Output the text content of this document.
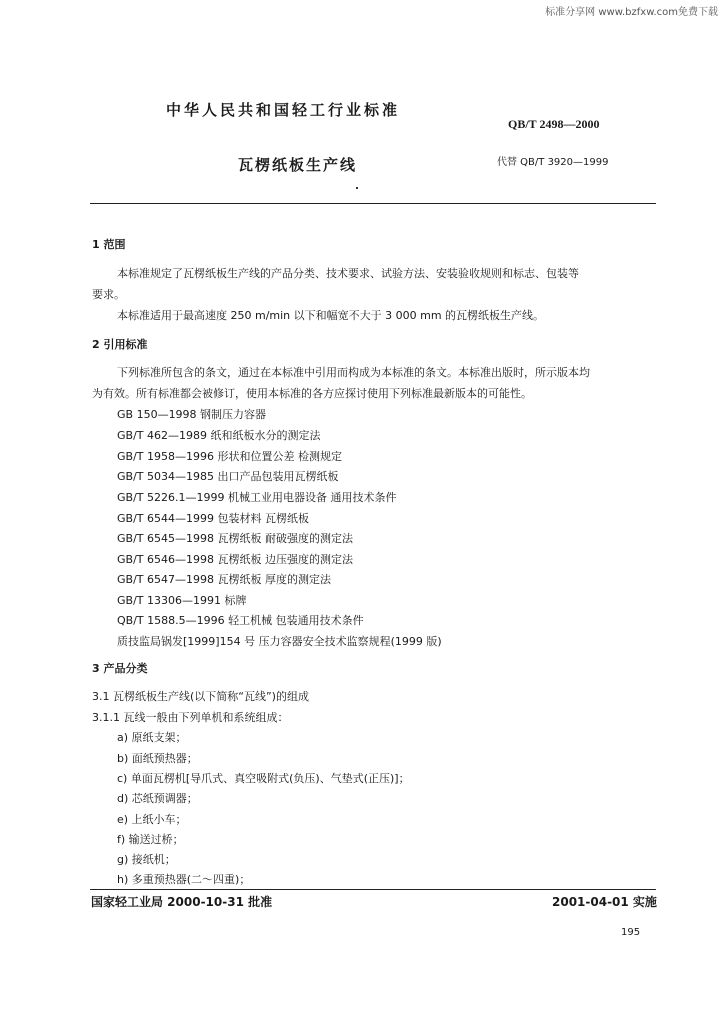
标准分享网 www.bzfxw.com免费下载
中华人民共和国轻工行业标准
QB/T 2498—2000
瓦楞纸板生产线	代替 QB/T 3920—1999
1 范围
本标准规定了瓦楞纸板生产线的产品分类、技术要求、试验方法、安装验收规则和标志、包装等
要求。
本标准适用于最高速度 250 m/min 以下和幅宽不大于 3 000 mm 的瓦楞纸板生产线。
2 引用标准
下列标准所包含的条文，通过在本标准中引用而构成为本标准的条文。本标准出版时，所示版本均
为有效。所有标准都会被修订，使用本标准的各方应探讨使用下列标准最新版本的可能性。
GB 150—1998 钢制压力容器
GB/T 462—1989 纸和纸板水分的测定法
GB/T 1958—1996 形状和位置公差 检测规定
GB/T 5034—1985 出口产品包装用瓦楞纸板
GB/T 5226.1—1999 机械工业用电器设备 通用技术条件
GB/T 6544—1999 包装材料 瓦楞纸板
GB/T 6545—1998 瓦楞纸板 耐破强度的测定法
GB/T 6546—1998 瓦楞纸板 边压强度的测定法
GB/T 6547—1998 瓦楞纸板 厚度的测定法
GB/T 13306—1991 标牌
QB/T 1588.5—1996 轻工机械 包装通用技术条件
质技监局锅发[1999]154 号 压力容器安全技术监察规程(1999 版)
3 产品分类
3.1 瓦楞纸板生产线(以下简称“瓦线”)的组成
3.1.1 瓦线一般由下列单机和系统组成：
a) 原纸支架；
b) 面纸预热器；
c) 单面瓦楞机[导爪式、真空吸附式(负压)、气垫式(正压)]；
d) 芯纸预调器；
e) 上纸小车；
f) 输送过桥；
g) 接纸机；
h) 多重预热器(二～四重)；
国家轻工业局 2000-10-31 批准	2001-04-01 实施
195
